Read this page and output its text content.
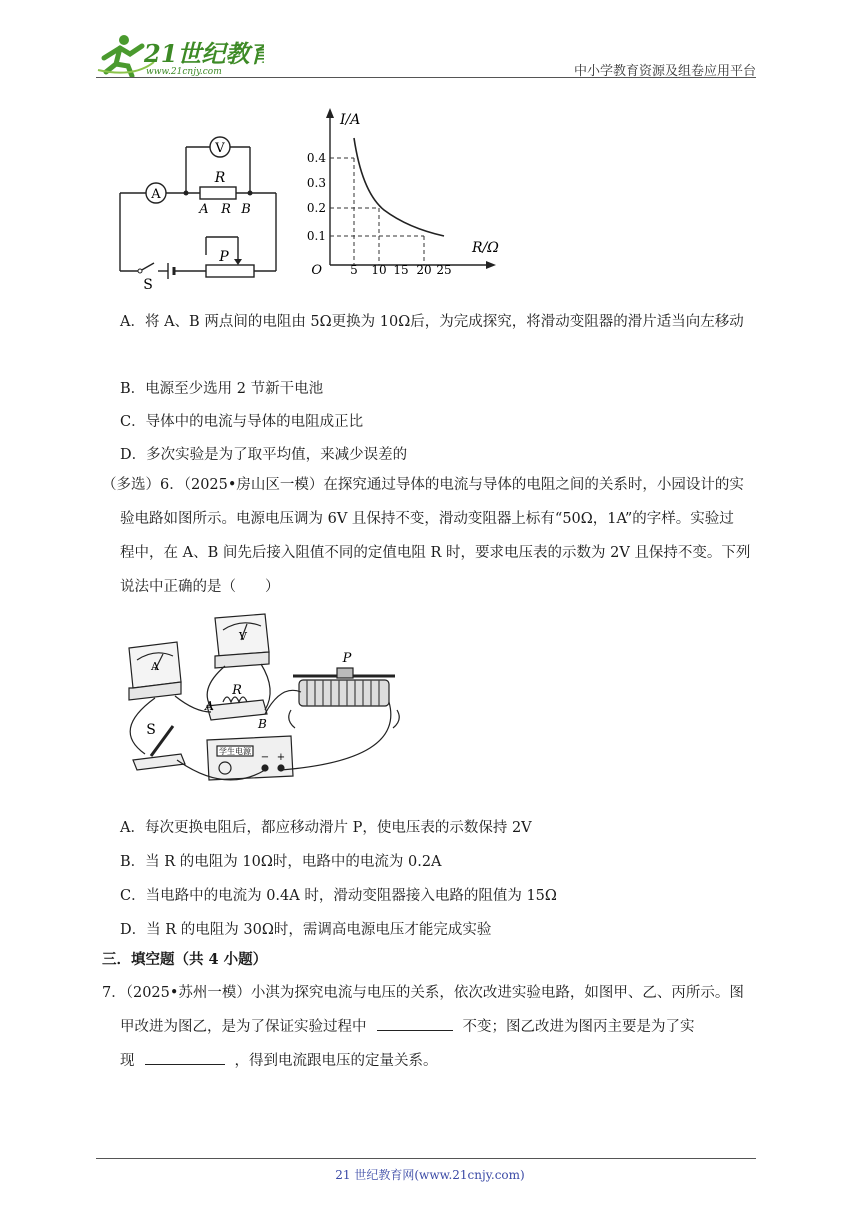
21世纪教育
www.21cnjy.com	中小学教育资源及组卷应用平台
A
V
R
A R B
P
S
I/A
R/Ω
O
0.4
0.3
0.2
0.1
5 10 15 20 25
A．将 A、B 两点间的电阻由 5Ω更换为 10Ω后，为完成探究，将滑动变阻器的滑片适当向左移动
B．电源至少选用 2 节新干电池
C．导体中的电流与导体的电阻成正比
D．多次实验是为了取平均值，来减少误差的
（多选）6．（2025•房山区一模）在探究通过导体的电流与导体的电阻之间的关系时，小园设计的实
验电路如图所示。电源电压调为 6V 且保持不变，滑动变阻器上标有“50Ω，1A”的字样。实验过
程中，在 A、B 间先后接入阻值不同的定值电阻 R 时，要求电压表的示数为 2V 且保持不变。下列
说法中正确的是（　　）
A
V
R
A
B
P
S
学生电源
− +
A．每次更换电阻后，都应移动滑片 P，使电压表的示数保持 2V
B．当 R 的电阻为 10Ω时，电路中的电流为 0.2A
C．当电路中的电流为 0.4A 时，滑动变阻器接入电路的阻值为 15Ω
D．当 R 的电阻为 30Ω时，需调高电源电压才能完成实验
三．填空题（共 4 小题）
7．（2025•苏州一模）小淇为探究电流与电压的关系，依次改进实验电路，如图甲、乙、丙所示。图
甲改进为图乙，是为了保证实验过程中	不变；图乙改进为图丙主要是为了实
现	，得到电流跟电压的定量关系。
21 世纪教育网(www.21cnjy.com)
